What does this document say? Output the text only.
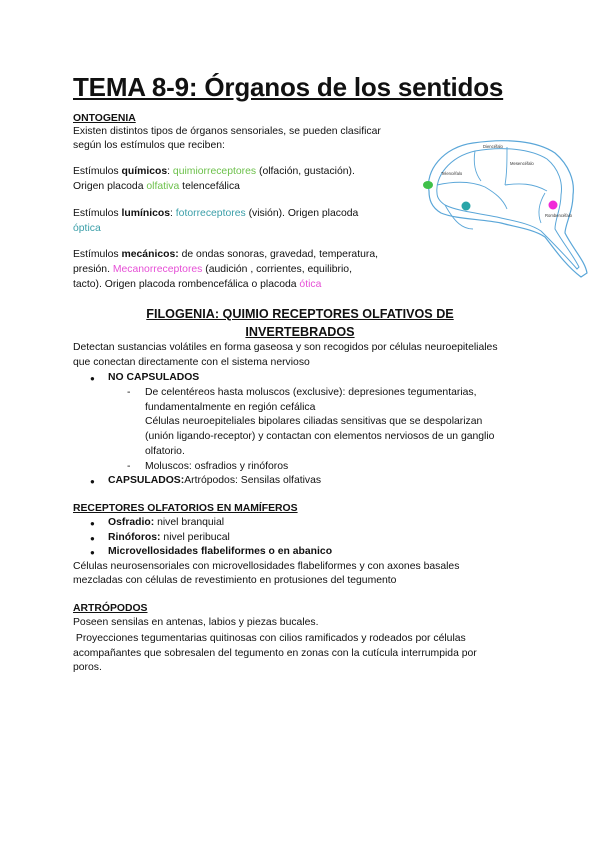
TEMA 8-9: Órganos de los sentidos
ONTOGENIA
Existen distintos tipos de órganos sensoriales, se pueden clasificar
según los estímulos que reciben:
Estímulos químicos: quimiorreceptores (olfación, gustación).
Origen placoda olfativa telencefálica
Estímulos lumínicos: fotorreceptores (visión). Origen placoda
óptica
Estímulos mecánicos: de ondas sonoras, gravedad, temperatura,
presión. Mecanorreceptores (audición , corrientes, equilibrio,
tacto). Origen placoda rombencefálica o placoda ótica
Diencéfalo
Telencéfalo
Mesencéfalo
Rombencéfalo
FILOGENIA: QUIMIO RECEPTORES OLFATIVOS DE
INVERTEBRADOS
Detectan sustancias volátiles en forma gaseosa y son recogidos por células neuroepiteliales
que conectan directamente con el sistema nervioso
● NO CAPSULADOS
- De celentéreos hasta moluscos (exclusive): depresiones tegumentarias,
fundamentalmente en región cefálica
Células neuroepiteliales bipolares ciliadas sensitivas que se despolarizan
(unión ligando-receptor) y contactan con elementos nerviosos de un ganglio
olfatorio.
- Moluscos: osfradios y rinóforos
● CAPSULADOS:Artrópodos: Sensilas olfativas
RECEPTORES OLFATORIOS EN MAMÍFEROS
● Osfradio: nivel branquial
● Rinóforos: nivel peribucal
● Microvellosidades flabeliformes o en abanico
Células neurosensoriales con microvellosidades flabeliformes y con axones basales
mezcladas con células de revestimiento en protusiones del tegumento
ARTRÓPODOS
Poseen sensilas en antenas, labios y piezas bucales.
Proyecciones tegumentarias quitinosas con cilios ramificados y rodeados por células
acompañantes que sobresalen del tegumento en zonas con la cutícula interrumpida por
poros.
